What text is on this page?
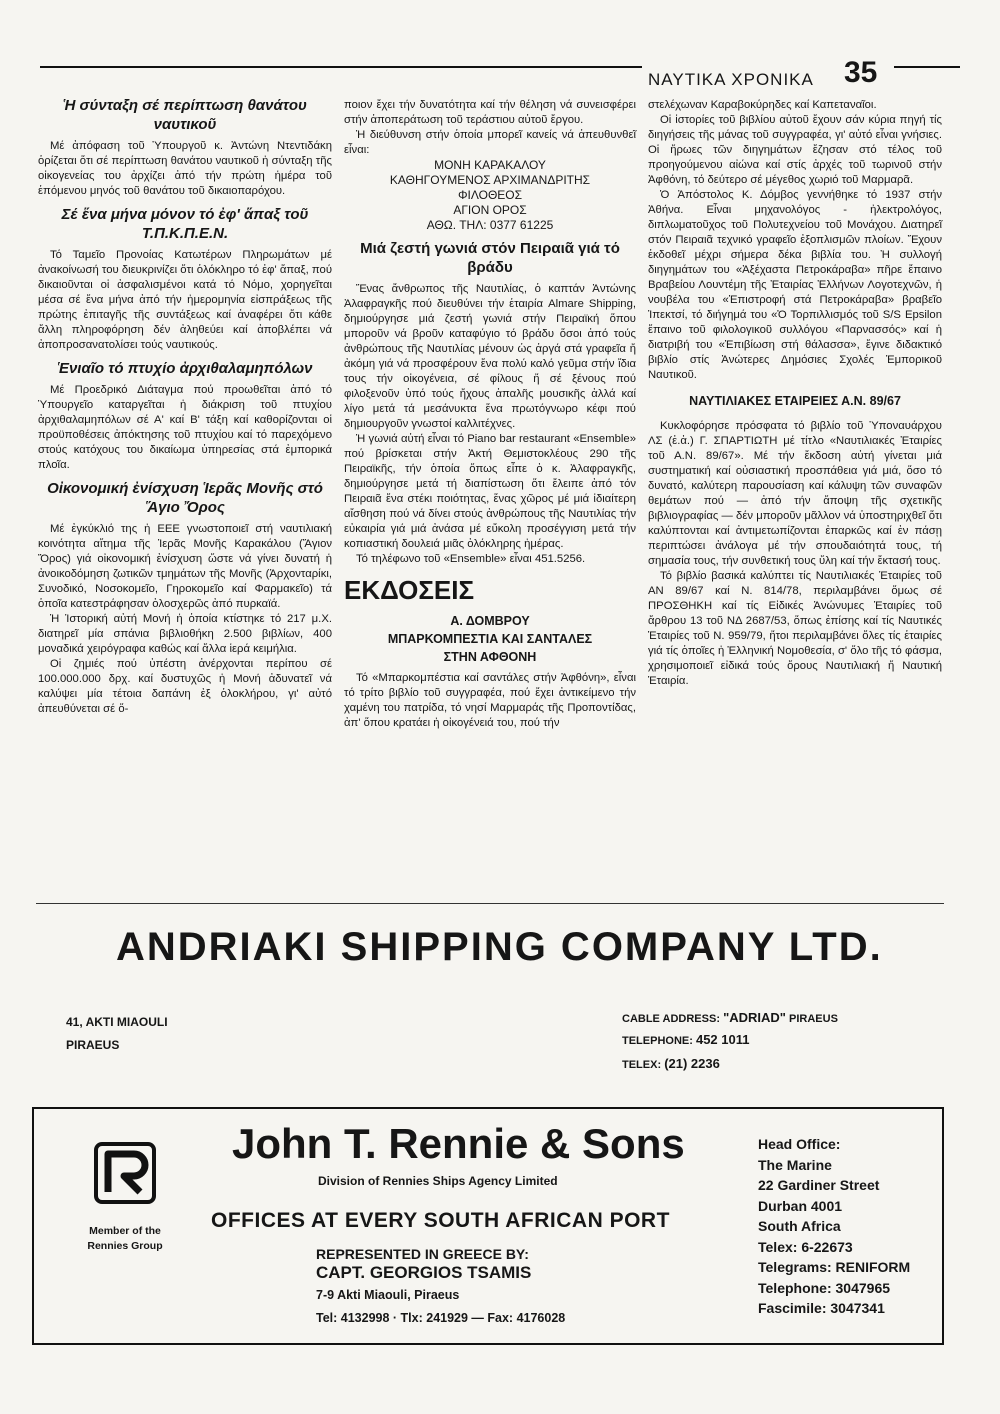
ΝΑΥΤΙΚΑ ΧΡΟΝΙΚΑ 35
Ἡ σύνταξη σέ περίπτωση θανάτου ναυτικοῦ

Μέ ἀπόφαση τοῦ Ὑπουργοῦ κ. Ἀντώνη Ντεντιδάκη ὁρίζεται ὅτι σέ περίπτωση θανάτου ναυτικοῦ ἡ σύνταξη τῆς οἰκογενείας του ἀρχίζει ἀπό τήν πρώτη ἡμέρα τοῦ ἑπόμενου μηνός τοῦ θανάτου τοῦ δικαιοπαρόχου.

Σέ ἕνα μήνα μόνον τό ἐφ' ἅπαξ τοῦ Τ.Π.Κ.Π.Ε.Ν.

Τό Ταμεῖο Προνοίας Κατωτέρων Πληρωμάτων μέ ἀνακοίνωσή του διευκρινίζει ὅτι ὁλόκληρο τό ἐφ' ἅπαξ, πού δικαιοῦνται οἱ ἀσφαλισμένοι κατά τό Νόμο, χορηγεῖται μέσα σέ ἕνα μήνα ἀπό τήν ἡμερομηνία εἰσπράξεως τῆς πρώτης ἐπιταγῆς τῆς συντάξεως καί ἀναφέρει ὅτι κάθε ἄλλη πληροφόρηση δέν ἀληθεύει καί ἀποβλέπει νά ἀποπροσανατολίσει τούς ναυτικούς.

Ἑνιαῖο τό πτυχίο ἀρχιθαλαμηπόλων

Μέ Προεδρικό Διάταγμα πού προωθεῖται ἀπό τό Ὑπουργεῖο καταργεῖται ἡ διάκριση τοῦ πτυχίου ἀρχιθαλαμηπόλων σέ Α' καί Β' τάξη καί καθορίζονται οἱ προϋποθέσεις ἀπόκτησης τοῦ πτυχίου καί τό παρεχόμενο στούς κατόχους του δικαίωμα ὑπηρεσίας στά ἐμπορικά πλοῖα.

Οἰκονομική ἐνίσχυση Ἱερᾶς Μονῆς στό Ἅγιο Ὄρος

Μέ ἐγκύκλιό της ἡ ΕΕΕ γνωστοποιεῖ στή ναυτιλιακή κοινότητα αἴτημα τῆς Ἱερᾶς Μονῆς Καρακάλου (Ἅγιον Ὄρος) γιά οἰκονομική ἐνίσχυση ὥστε νά γίνει δυνατή ἡ ἀνοικοδόμηση ζωτικῶν τμημάτων τῆς Μονῆς (Ἀρχονταρίκι, Συνοδικό, Νοσοκομεῖο, Γηροκομεῖο καί Φαρμακεῖο) τά ὁποῖα κατεστράφησαν ὁλοσχερῶς ἀπό πυρκαϊά.

Ἡ Ἱστορική αὐτή Μονή ἡ ὁποία κτίστηκε τό 217 μ.Χ. διατηρεῖ μία σπάνια βιβλιοθήκη 2.500 βιβλίων, 400 μοναδικά χειρόγραφα καθώς καί ἄλλα ἱερά κειμήλια.

Οἱ ζημιές πού ὑπέστη ἀνέρχονται περίπου σέ 100.000.000 δρχ. καί δυστυχῶς ἡ Μονή ἀδυνατεῖ νά καλύψει μία τέτοια δαπάνη ἐξ ὁλοκλήρου, γι' αὐτό ἀπευθύνεται σέ ὅ-

ποιον ἔχει τήν δυνατότητα καί τήν θέληση νά συνεισφέρει στήν ἀποπεράτωση τοῦ τεράστιου αὐτοῦ ἔργου.

Ἡ διεύθυνση στήν ὁποία μπορεῖ κανείς νά ἀπευθυνθεῖ εἶναι:

ΜΟΝΗ ΚΑΡΑΚΑΛΟΥ

ΚΑΘΗΓΟΥΜΕΝΟΣ ΑΡΧΙΜΑΝΔΡΙΤΗΣ

ΦΙΛΟΘΕΟΣ

ΑΓΙΟΝ ΟΡΟΣ

ΑΘΩ. ΤΗΛ: 0377 61225

Μιά ζεστή γωνιά στόν Πειραιᾶ γιά τό βράδυ

Ἕνας ἄνθρωπος τῆς Ναυτιλίας, ὁ καπτάν Ἀντώνης Ἀλαφραγκῆς πού διευθύνει τήν ἑταιρία Almare Shipping, δημιούργησε μιά ζεστή γωνιά στήν Πειραϊκή ὅπου μποροῦν νά βροῦν καταφύγιο τό βράδυ ὅσοι ἀπό τούς ἀνθρώπους τῆς Ναυτιλίας μένουν ὡς ἀργά στά γραφεῖα ἤ ἀκόμη γιά νά προσφέρουν ἕνα πολύ καλό γεῦμα στήν ἴδια τους τήν οἰκογένεια, σέ φίλους ἤ σέ ξένους πού φιλοξενοῦν ὑπό τούς ἤχους ἁπαλῆς μουσικῆς ἀλλά καί λίγο μετά τά μεσάνυκτα ἕνα πρωτόγνωρο κέφι πού δημιουργοῦν γνωστοί καλλιτέχνες.

Ἡ γωνιά αὐτή εἶναι τό Piano bar restaurant «Ensemble» πού βρίσκεται στήν Ἀκτή Θεμιστοκλέους 290 τῆς Πειραϊκῆς, τήν ὁποία ὅπως εἶπε ὁ κ. Ἀλαφραγκῆς, δημιούργησε μετά τή διαπίστωση ὅτι ἔλειπε ἀπό τόν Πειραιᾶ ἕνα στέκι ποιότητας, ἕνας χῶρος μέ μιά ἰδιαίτερη αἴσθηση πού νά δίνει στούς ἀνθρώπους τῆς Ναυτιλίας τήν εὐκαιρία γιά μιά ἀνάσα μέ εὔκολη προσέγγιση μετά τήν κοπιαστική δουλειά μιᾶς ὁλόκληρης ἡμέρας.

Τό τηλέφωνο τοῦ «Ensemble» εἶναι 451.5256.

ΕΚΔΟΣΕΙΣ
Α. ΔΟΜΒΡΟΥ
ΜΠΑΡΚΟΜΠΕΣΤΙΑ ΚΑΙ ΣΑΝΤΑΛΕΣ
ΣΤΗΝ ΑΦΘΟΝΗ

Τό «Μπαρκομπέστια καί σαντάλες στήν Ἀφθόνη», εἶναι τό τρίτο βιβλίο τοῦ συγγραφέα, πού ἔχει ἀντικείμενο τήν χαμένη του πατρίδα, τό νησί Μαρμαράς τῆς Προποντίδας, ἀπ' ὅπου κρατάει ἡ οἰκογένειά του, πού τήν

στελέχωναν Καραβοκύρηδες καί Καπεταναῖοι.

Οἱ ἱστορίες τοῦ βιβλίου αὐτοῦ ἔχουν σάν κύρια πηγή τίς διηγήσεις τῆς μάνας τοῦ συγγραφέα, γι' αὐτό εἶναι γνήσιες. Οἱ ἥρωες τῶν διηγημάτων ἔζησαν στό τέλος τοῦ προηγούμενου αἰώνα καί στίς ἀρχές τοῦ τωρινοῦ στήν Ἀφθόνη, τό δεύτερο σέ μέγεθος χωριό τοῦ Μαρμαρᾶ.

Ὁ Ἀπόστολος Κ. Δόμβος γεννήθηκε τό 1937 στήν Ἀθήνα. Εἶναι μηχανολόγος - ἠλεκτρολόγος, διπλωματοῦχος τοῦ Πολυτεχνείου τοῦ Μονάχου. Διατηρεῖ στόν Πειραιᾶ τεχνικό γραφεῖο ἐξοπλισμῶν πλοίων. Ἔχουν ἐκδοθεῖ μέχρι σήμερα δέκα βιβλία του. Ἡ συλλογή διηγημάτων του «Ἀξέχαστα Πετροκάραβα» πῆρε ἔπαινο Βραβείου Λουντέμη τῆς Ἑταιρίας Ἑλλήνων Λογοτεχνῶν, ἡ νουβέλα του «Ἐπιστροφή στά Πετροκάραβα» βραβεῖο Ἰπεκτσί, τό διήγημά του «Ὁ Τορπιλλισμός τοῦ S/S Epsilon ἔπαινο τοῦ φιλολογικοῦ συλλόγου «Παρνασσός» καί ἡ διατριβή του «Ἐπιβίωση στή θάλασσα», ἔγινε διδακτικό βιβλίο στίς Ἀνώτερες Δημόσιες Σχολές Ἐμπορικοῦ Ναυτικοῦ.

ΝΑΥΤΙΛΙΑΚΕΣ ΕΤΑΙΡΕΙΕΣ Α.Ν. 89/67

Κυκλοφόρησε πρόσφατα τό βιβλίο τοῦ Ὑποναυάρχου ΛΣ (ἐ.ἀ.) Γ. ΣΠΑΡΤΙΩΤΗ μέ τίτλο «Ναυτιλιακές Ἑταιρίες τοῦ Α.Ν. 89/67». Μέ τήν ἔκδοση αὐτή γίνεται μιά συστηματική καί οὐσιαστική προσπάθεια γιά μιά, ὅσο τό δυνατό, καλύτερη παρουσίαση καί κάλυψη τῶν συναφῶν θεμάτων πού — ἀπό τήν ἄποψη τῆς σχετικῆς βιβλιογραφίας — δέν μποροῦν μᾶλλον νά ὑποστηριχθεῖ ὅτι καλύπτονται καί ἀντιμετωπίζονται ἐπαρκῶς καί ἐν πάσῃ περιπτώσει ἀνάλογα μέ τήν σπουδαιότητά τους, τή σημασία τους, τήν συνθετική τους ὕλη καί τήν ἔκτασή τους.

Τό βιβλίο βασικά καλύπτει τίς Ναυτιλιακές Ἑταιρίες τοῦ ΑΝ 89/67 καί Ν. 814/78, περιλαμβάνει ὅμως σέ ΠΡΟΣΘΗΚΗ καί τίς Εἰδικές Ἀνώνυμες Ἑταιρίες τοῦ ἄρθρου 13 τοῦ ΝΔ 2687/53, ὅπως ἐπίσης καί τίς Ναυτικές Ἑταιρίες τοῦ Ν. 959/79, ἤτοι περιλαμβάνει ὅλες τίς ἑταιρίες γιά τίς ὁποῖες ἡ Ἑλληνική Νομοθεσία, σ' ὅλο τῆς τό φάσμα, χρησιμοποιεῖ εἰδικά τούς ὅρους Ναυτιλιακή ἤ Ναυτική Ἑταιρία.

ANDRIAKI SHIPPING COMPANY LTD.
41, AKTI MIAOULI
PIRAEUS
CABLE ADDRESS: "ADRIAD" PIRAEUS
TELEPHONE: 452 1011
TELEX: (21) 2236
Member of the
Rennies Group
John T. Rennie & Sons
Division of Rennies Ships Agency Limited
OFFICES AT EVERY SOUTH AFRICAN PORT
REPRESENTED IN GREECE BY:
CAPT. GEORGIOS TSAMIS
7-9 Akti Miaouli, Piraeus
Tel: 4132998 · Tlx: 241929 — Fax: 4176028
Head Office:
The Marine
22 Gardiner Street
Durban 4001
South Africa
Telex: 6-22673
Telegrams: RENIFORM
Telephone: 3047965
Fascimile: 3047341
